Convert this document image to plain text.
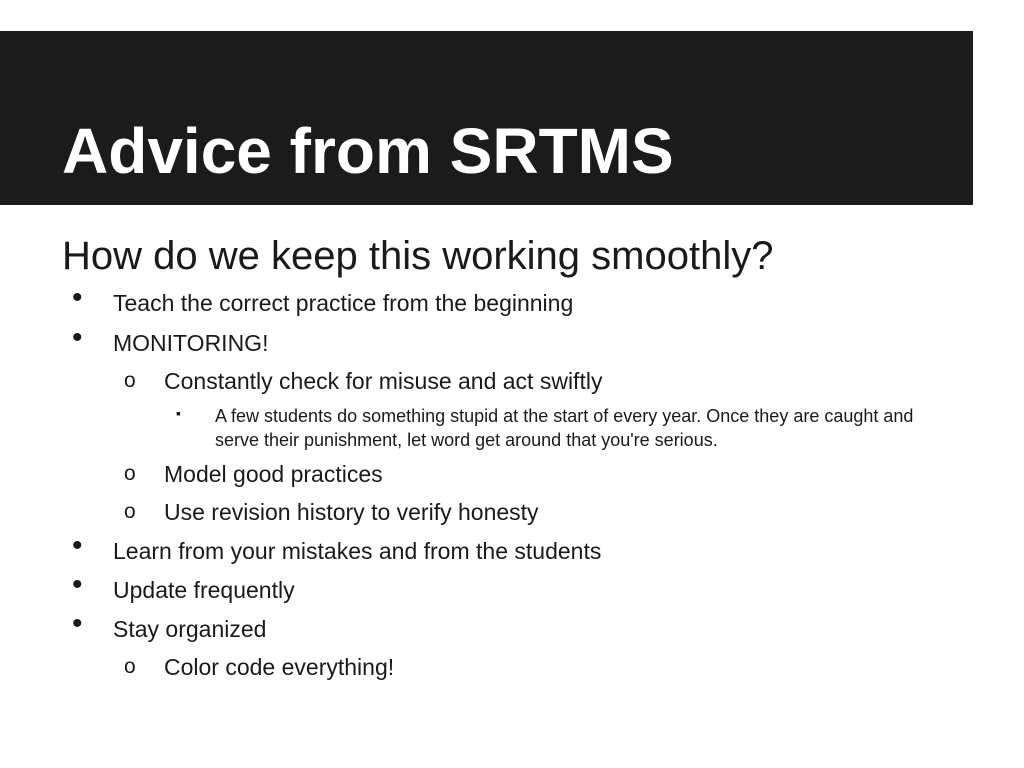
Advice from SRTMS

How do we keep this working smoothly?

• Teach the correct practice from the beginning
• MONITORING!
o Constantly check for misuse and act swiftly
▪ A few students do something stupid at the start of every year. Once they are caught and serve their punishment, let word get around that you're serious.
o Model good practices
o Use revision history to verify honesty
• Learn from your mistakes and from the students
• Update frequently
• Stay organized
o Color code everything!
